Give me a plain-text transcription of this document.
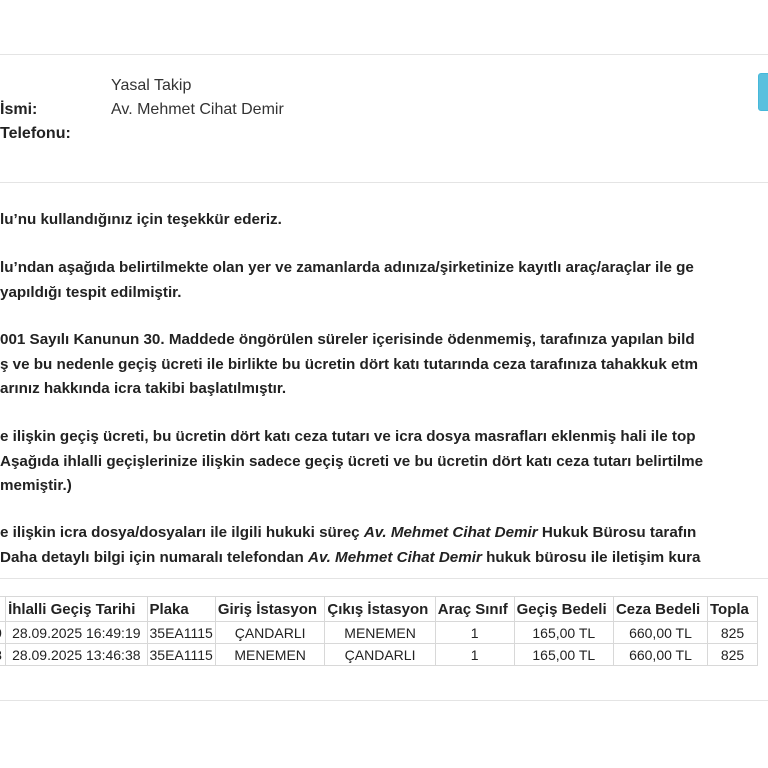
Yasal Takip
İsmi:	Av. Mehmet Cihat Demir
Telefonu:
lu’nu kullandığınız için teşekkür ederiz.
lu’ndan aşağıda belirtilmekte olan yer ve zamanlarda adınıza/şirketinize kayıtlı araç/araçlar ile ge
yapıldığı tespit edilmiştir.
001 Sayılı Kanunun 30. Maddede öngörülen süreler içerisinde ödenmemiş, tarafınıza yapılan bild
ş ve bu nedenle geçiş ücreti ile birlikte bu ücretin dört katı tutarında ceza tarafınıza tahakkuk etm
arınız hakkında icra takibi başlatılmıştır.
e ilişkin geçiş ücreti, bu ücretin dört katı ceza tutarı ve icra dosya masrafları eklenmiş hali ile top
Aşağıda ihlalli geçişlerinize ilişkin sadece geçiş ücreti ve bu ücretin dört katı ceza tutarı belirtilme
memiştir.)
e ilişkin icra dosya/dosyaları ile ilgili hukuki süreç Av. Mehmet Cihat Demir Hukuk Bürosu tarafın
Daha detaylı bilgi için numaralı telefondan Av. Mehmet Cihat Demir hukuk bürosu ile iletişim kura
	İhlalli Geçiş Tarihi	Plaka	Giriş İstasyon	Çıkış İstasyon	Araç Sınıf	Geçiş Bedeli	Ceza Bedeli	Topla
	28.09.2025 16:49:19	35EA1115	ÇANDARLI	MENEMEN	1	165,00 TL	660,00 TL	825
	28.09.2025 13:46:38	35EA1115	MENEMEN	ÇANDARLI	1	165,00 TL	660,00 TL	825
